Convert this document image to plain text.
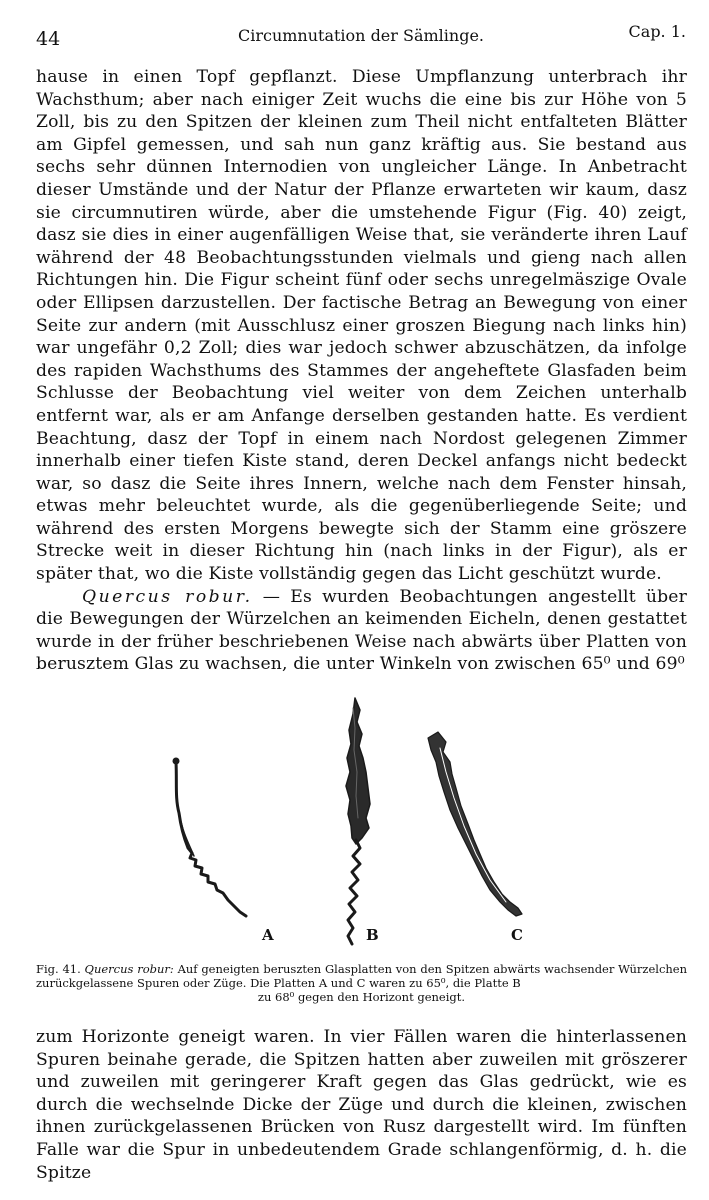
44	Circumnutation der Sämlinge.	Cap. 1.

hause in einen Topf gepflanzt. Diese Umpflanzung unterbrach ihr Wachsthum; aber nach einiger Zeit wuchs die eine bis zur Höhe von 5 Zoll, bis zu den Spitzen der kleinen zum Theil nicht entfalteten Blätter am Gipfel gemessen, und sah nun ganz kräftig aus. Sie bestand aus sechs sehr dünnen Internodien von ungleicher Länge. In Anbetracht dieser Umstände und der Natur der Pflanze erwarteten wir kaum, dasz sie circumnutiren würde, aber die umstehende Figur (Fig. 40) zeigt, dasz sie dies in einer augenfälligen Weise that, sie veränderte ihren Lauf während der 48 Beobachtungsstunden vielmals und gieng nach allen Richtungen hin. Die Figur scheint fünf oder sechs unregelmäszige Ovale oder Ellipsen darzustellen. Der factische Betrag an Bewegung von einer Seite zur andern (mit Ausschlusz einer groszen Biegung nach links hin) war ungefähr 0,2 Zoll; dies war jedoch schwer abzuschätzen, da infolge des rapiden Wachsthums des Stammes der angeheftete Glasfaden beim Schlusse der Beobachtung viel weiter von dem Zeichen unterhalb entfernt war, als er am Anfange derselben gestanden hatte. Es verdient Beachtung, dasz der Topf in einem nach Nordost gelegenen Zimmer innerhalb einer tiefen Kiste stand, deren Deckel anfangs nicht bedeckt war, so dasz die Seite ihres Innern, welche nach dem Fenster hinsah, etwas mehr beleuchtet wurde, als die gegenüberliegende Seite; und während des ersten Morgens bewegte sich der Stamm eine gröszere Strecke weit in dieser Richtung hin (nach links in der Figur), als er später that, wo die Kiste vollständig gegen das Licht geschützt wurde.

Quercus robur. — Es wurden Beobachtungen angestellt über die Bewegungen der Würzelchen an keimenden Eicheln, denen gestattet wurde in der früher beschriebenen Weise nach abwärts über Platten von berusztem Glas zu wachsen, die unter Winkeln von zwischen 65⁰ und 69⁰

A	B	C
Fig. 41. Quercus robur: Auf geneigten beruszten Glasplatten von den Spitzen abwärts wachsender Würzelchen zurückgelassene Spuren oder Züge. Die Platten A und C waren zu 65⁰, die Platte B
zu 68⁰ gegen den Horizont geneigt.

zum Horizonte geneigt waren. In vier Fällen waren die hinterlassenen Spuren beinahe gerade, die Spitzen hatten aber zuweilen mit gröszerer und zuweilen mit geringerer Kraft gegen das Glas gedrückt, wie es durch die wechselnde Dicke der Züge und durch die kleinen, zwischen ihnen zurückgelassenen Brücken von Rusz dargestellt wird. Im fünften Falle war die Spur in unbedeutendem Grade schlangenförmig, d. h. die Spitze
